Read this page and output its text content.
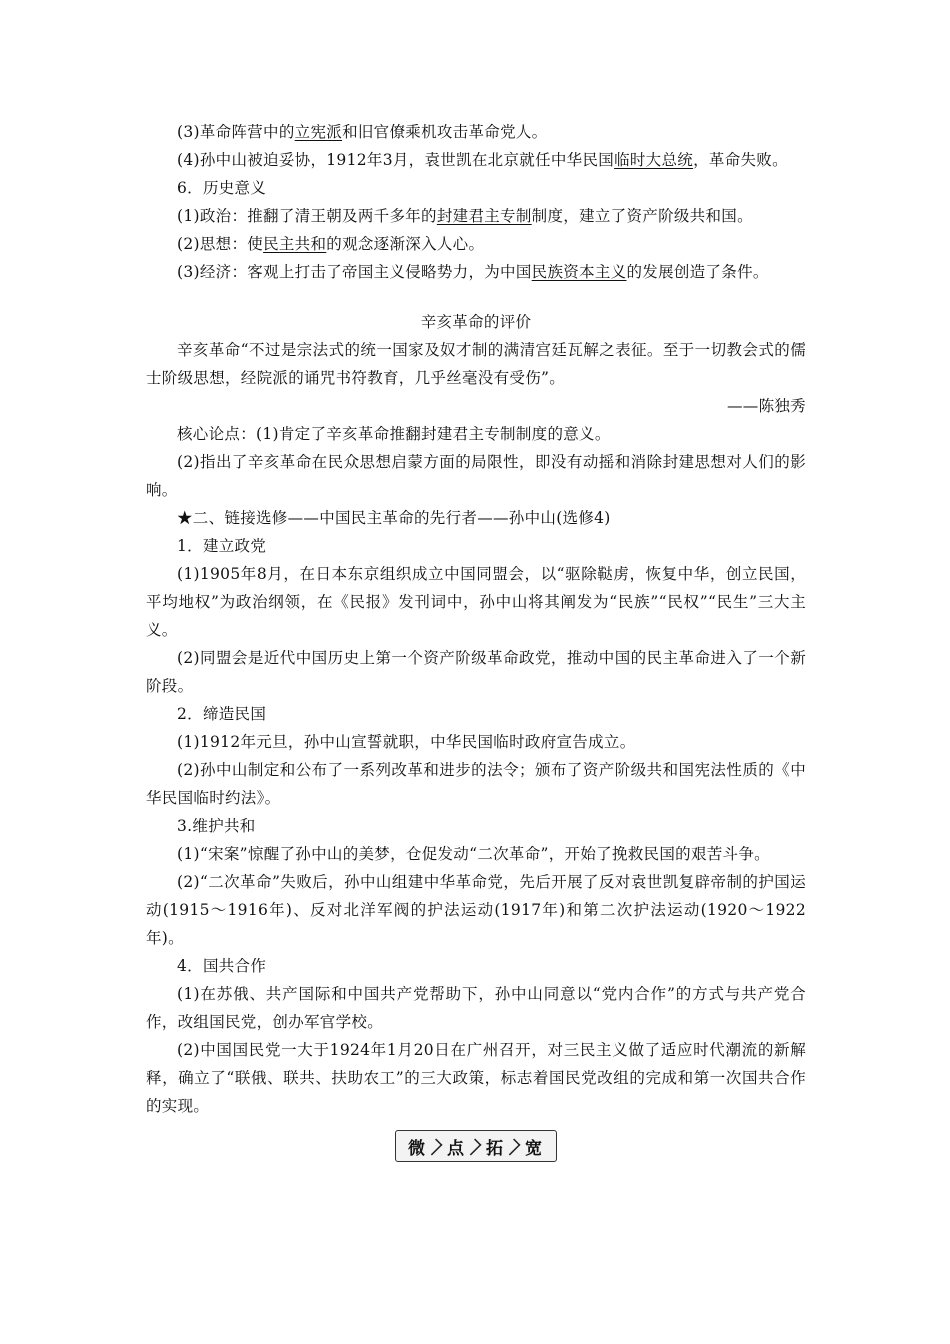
(3)革命阵营中的立宪派和旧官僚乘机攻击革命党人。

(4)孙中山被迫妥协，1912年3月，袁世凯在北京就任中华民国临时大总统，革命失败。

6．历史意义

(1)政治：推翻了清王朝及两千多年的封建君主专制制度，建立了资产阶级共和国。

(2)思想：使民主共和的观念逐渐深入人心。

(3)经济：客观上打击了帝国主义侵略势力，为中国民族资本主义的发展创造了条件。

辛亥革命的评价

辛亥革命“不过是宗法式的统一国家及奴才制的满清宫廷瓦解之表征。至于一切教会式的儒士阶级思想，经院派的诵咒书符教育，几乎丝毫没有受伤”。

——陈独秀

核心论点：(1)肯定了辛亥革命推翻封建君主专制制度的意义。

(2)指出了辛亥革命在民众思想启蒙方面的局限性，即没有动摇和消除封建思想对人们的影响。

★二、链接选修——中国民主革命的先行者——孙中山(选修4)

1．建立政党

(1)1905年8月，在日本东京组织成立中国同盟会，以“驱除鞑虏，恢复中华，创立民国，平均地权”为政治纲领，在《民报》发刊词中，孙中山将其阐发为“民族”“民权”“民生”三大主义。

(2)同盟会是近代中国历史上第一个资产阶级革命政党，推动中国的民主革命进入了一个新阶段。

2．缔造民国

(1)1912年元旦，孙中山宣誓就职，中华民国临时政府宣告成立。

(2)孙中山制定和公布了一系列改革和进步的法令；颁布了资产阶级共和国宪法性质的《中华民国临时约法》。

3.维护共和

(1)“宋案”惊醒了孙中山的美梦，仓促发动“二次革命”，开始了挽救民国的艰苦斗争。

(2)“二次革命”失败后，孙中山组建中华革命党，先后开展了反对袁世凯复辟帝制的护国运动(1915～1916年)、反对北洋军阀的护法运动(1917年)和第二次护法运动(1920～1922年)。

4．国共合作

(1)在苏俄、共产国际和中国共产党帮助下，孙中山同意以“党内合作”的方式与共产党合作，改组国民党，创办军官学校。

(2)中国国民党一大于1924年1月20日在广州召开，对三民主义做了适应时代潮流的新解释，确立了“联俄、联共、扶助农工”的三大政策，标志着国民党改组的完成和第一次国共合作的实现。

微	点	拓	宽
